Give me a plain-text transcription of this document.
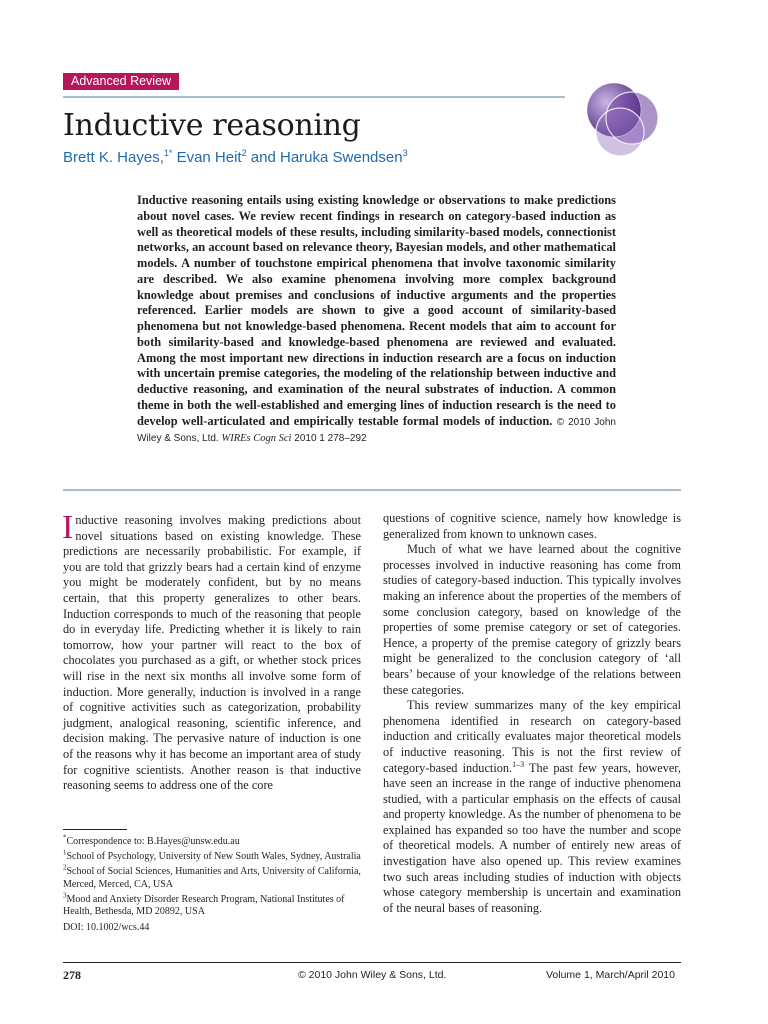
Advanced Review
Inductive reasoning
Brett K. Hayes,$^{1*}$ Evan Heit$^2$ and Haruka Swendsen$^3$
Inductive reasoning entails using existing knowledge or observations to make predictions about novel cases. We review recent findings in research on category-based induction as well as theoretical models of these results, including similarity-based models, connectionist networks, an account based on relevance theory, Bayesian models, and other mathematical models. A number of touchstone empirical phenomena that involve taxonomic similarity are described. We also examine phenomena involving more complex background knowledge about premises and conclusions of inductive arguments and the properties referenced. Earlier models are shown to give a good account of similarity-based phenomena but not knowledge-based phenomena. Recent models that aim to account for both similarity-based and knowledge-based phenomena are reviewed and evaluated. Among the most important new directions in induction research are a focus on induction with uncertain premise categories, the modeling of the relationship between inductive and deductive reasoning, and examination of the neural substrates of induction. A common theme in both the well-established and emerging lines of induction research is the need to develop well-articulated and empirically testable formal models of induction. © 2010 John Wiley & Sons, Ltd. WIREs Cogn Sci 2010 1 278–292

Inductive reasoning involves making predictions about novel situations based on existing knowledge. These predictions are necessarily probabilistic. For example, if you are told that grizzly bears had a certain kind of enzyme you might be moderately confident, but by no means certain, that this property generalizes to other bears. Induction corresponds to much of the reasoning that people do in everyday life. Predicting whether it is likely to rain tomorrow, how your partner will react to the box of chocolates you purchased as a gift, or whether stock prices will rise in the next six months all involve some form of induction. More generally, induction is involved in a range of cognitive activities such as categorization, probability judgment, analogical reasoning, scientific inference, and decision making. The pervasive nature of induction is one of the reasons why it has become an important area of study for cognitive scientists. Another reason is that inductive reasoning seems to address one of the core

questions of cognitive science, namely how knowledge is generalized from known to unknown cases.

Much of what we have learned about the cognitive processes involved in inductive reasoning has come from studies of category-based induction. This typically involves making an inference about the properties of the members of some conclusion category, based on knowledge of the properties of some premise category or set of categories. Hence, a property of the premise category of grizzly bears might be generalized to the conclusion category of ‘all bears’ because of your knowledge of the relations between these categories.

This review summarizes many of the key empirical phenomena identified in research on category-based induction and critically evaluates major theoretical models of inductive reasoning. This is not the first review of category-based induction.$^{1-3}$ The past few years, however, have seen an increase in the range of inductive phenomena studied, with a particular emphasis on the effects of causal and property knowledge. As the number of phenomena to be explained has expanded so too have the number and scope of theoretical models. A number of entirely new areas of investigation have also opened up. This review examines two such areas including studies of induction with objects whose category membership is uncertain and examination of the neural bases of reasoning.

*Correspondence to: B.Hayes@unsw.edu.au

$^1$School of Psychology, University of New South Wales, Sydney, Australia

$^2$School of Social Sciences, Humanities and Arts, University of California, Merced, Merced, CA, USA

$^3$Mood and Anxiety Disorder Research Program, National Institutes of Health, Bethesda, MD 20892, USA

DOI: 10.1002/wcs.44

278	© 2010 John Wiley & Sons, Ltd.	Volume 1, March/April 2010
